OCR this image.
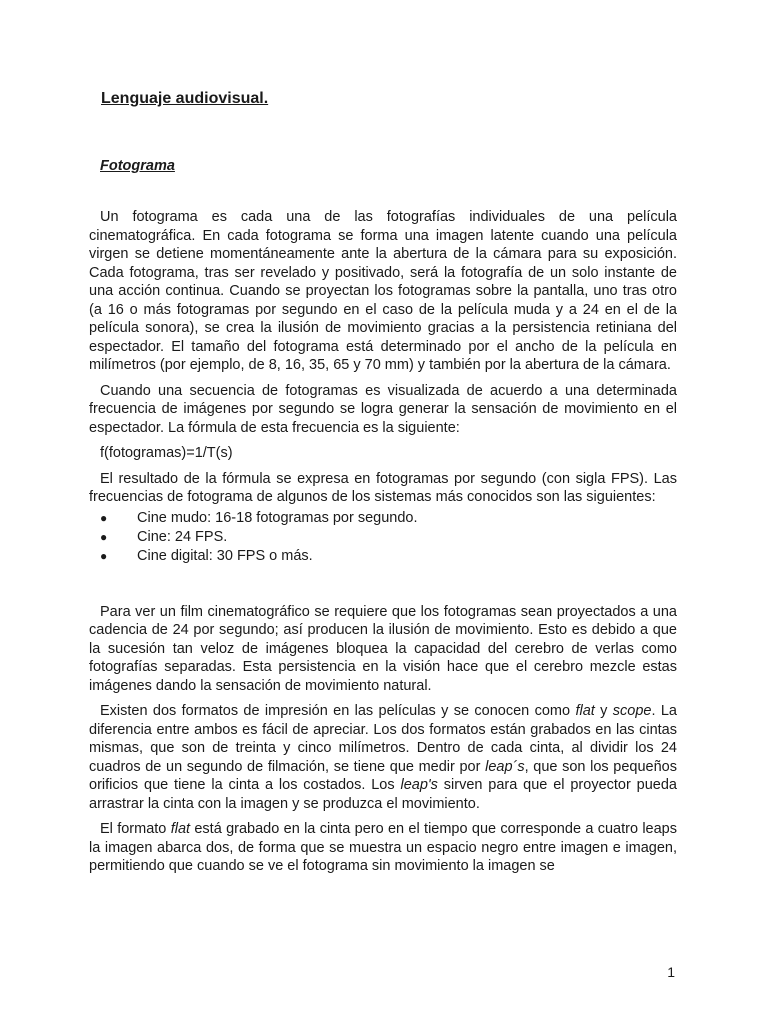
Lenguaje audiovisual.
Fotograma

Un fotograma es cada una de las fotografías individuales de una película cinematográfica. En cada fotograma se forma una imagen latente cuando una película virgen se detiene momentáneamente ante la abertura de la cámara para su exposición. Cada fotograma, tras ser revelado y positivado, será la fotografía de un solo instante de una acción continua. Cuando se proyectan los fotogramas sobre la pantalla, uno tras otro (a 16 o más fotogramas por segundo en el caso de la película muda y a 24 en el de la película sonora), se crea la ilusión de movimiento gracias a la persistencia retiniana del espectador. El tamaño del fotograma está determinado por el ancho de la película en milímetros (por ejemplo, de 8, 16, 35, 65 y 70 mm) y también por la abertura de la cámara.

Cuando una secuencia de fotogramas es visualizada de acuerdo a una determinada frecuencia de imágenes por segundo se logra generar la sensación de movimiento en el espectador. La fórmula de esta frecuencia es la siguiente:

f(fotogramas)=1/T(s)

El resultado de la fórmula se expresa en fotogramas por segundo (con sigla FPS). Las frecuencias de fotograma de algunos de los sistemas más conocidos son las siguientes:

● Cine mudo: 16-18 fotogramas por segundo.
● Cine: 24 FPS.
● Cine digital: 30 FPS o más.

Para ver un film cinematográfico se requiere que los fotogramas sean proyectados a una cadencia de 24 por segundo; así producen la ilusión de movimiento. Esto es debido a que la sucesión tan veloz de imágenes bloquea la capacidad del cerebro de verlas como fotografías separadas. Esta persistencia en la visión hace que el cerebro mezcle estas imágenes dando la sensación de movimiento natural.

Existen dos formatos de impresión en las películas y se conocen como flat y scope. La diferencia entre ambos es fácil de apreciar. Los dos formatos están grabados en las cintas mismas, que son de treinta y cinco milímetros. Dentro de cada cinta, al dividir los 24 cuadros de un segundo de filmación, se tiene que medir por leap´s, que son los pequeños orificios que tiene la cinta a los costados. Los leap's sirven para que el proyector pueda arrastrar la cinta con la imagen y se produzca el movimiento.

El formato flat está grabado en la cinta pero en el tiempo que corresponde a cuatro leaps la imagen abarca dos, de forma que se muestra un espacio negro entre imagen e imagen, permitiendo que cuando se ve el fotograma sin movimiento la imagen se

1
